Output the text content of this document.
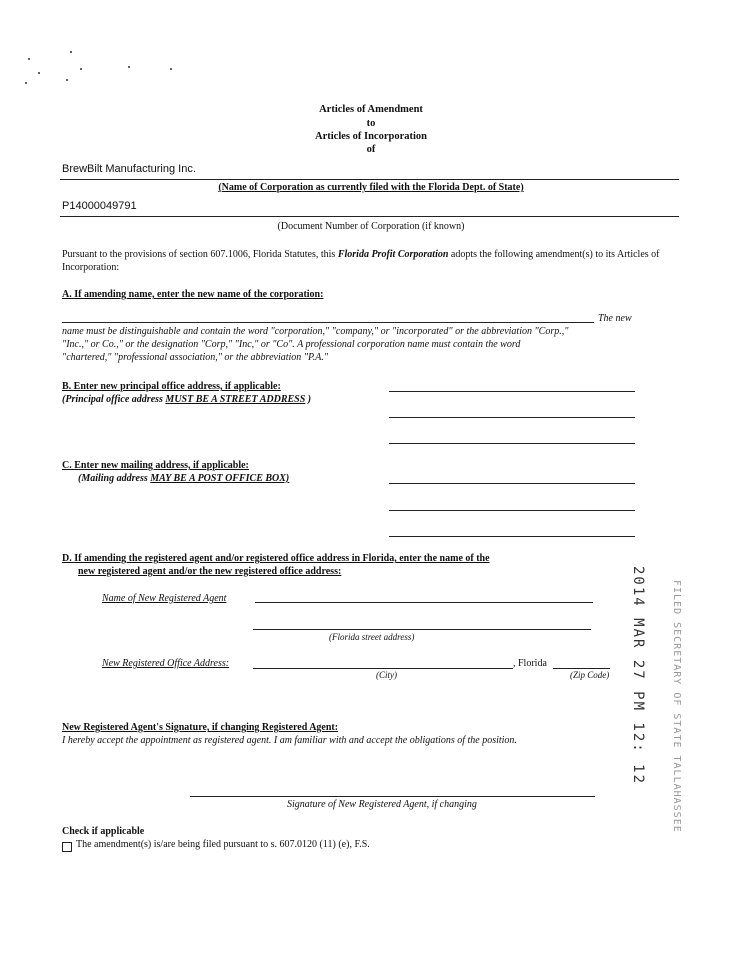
Articles of Amendment
to
Articles of Incorporation
of
BrewBilt Manufacturing Inc.
(Name of Corporation as currently filed with the Florida Dept. of State)
P14000049791
(Document Number of Corporation (if known)
Pursuant to the provisions of section 607.1006, Florida Statutes, this Florida Profit Corporation adopts the following amendment(s) to its Articles of Incorporation:
A. If amending name, enter the new name of the corporation:
The new
name must be distinguishable and contain the word "corporation," "company," or "incorporated" or the abbreviation "Corp.,"
"Inc.," or Co.," or the designation "Corp," "Inc," or "Co". A professional corporation name must contain the word
"chartered," "professional association," or the abbreviation "P.A."
B. Enter new principal office address, if applicable:
(Principal office address MUST BE A STREET ADDRESS )
C. Enter new mailing address, if applicable:
(Mailing address MAY BE A POST OFFICE BOX)
D. If amending the registered agent and/or registered office address in Florida, enter the name of the
new registered agent and/or the new registered office address:
Name of New Registered Agent
(Florida street address)
New Registered Office Address:	, Florida
(City)	(Zip Code)
New Registered Agent's Signature, if changing Registered Agent:
I hereby accept the appointment as registered agent. I am familiar with and accept the obligations of the position.
Signature of New Registered Agent, if changing
Check if applicable
The amendment(s) is/are being filed pursuant to s. 607.0120 (11) (e), F.S.
2014 MAR 27 PM 12: 12	FILED SECRETARY OF STATE TALLAHASSEE
